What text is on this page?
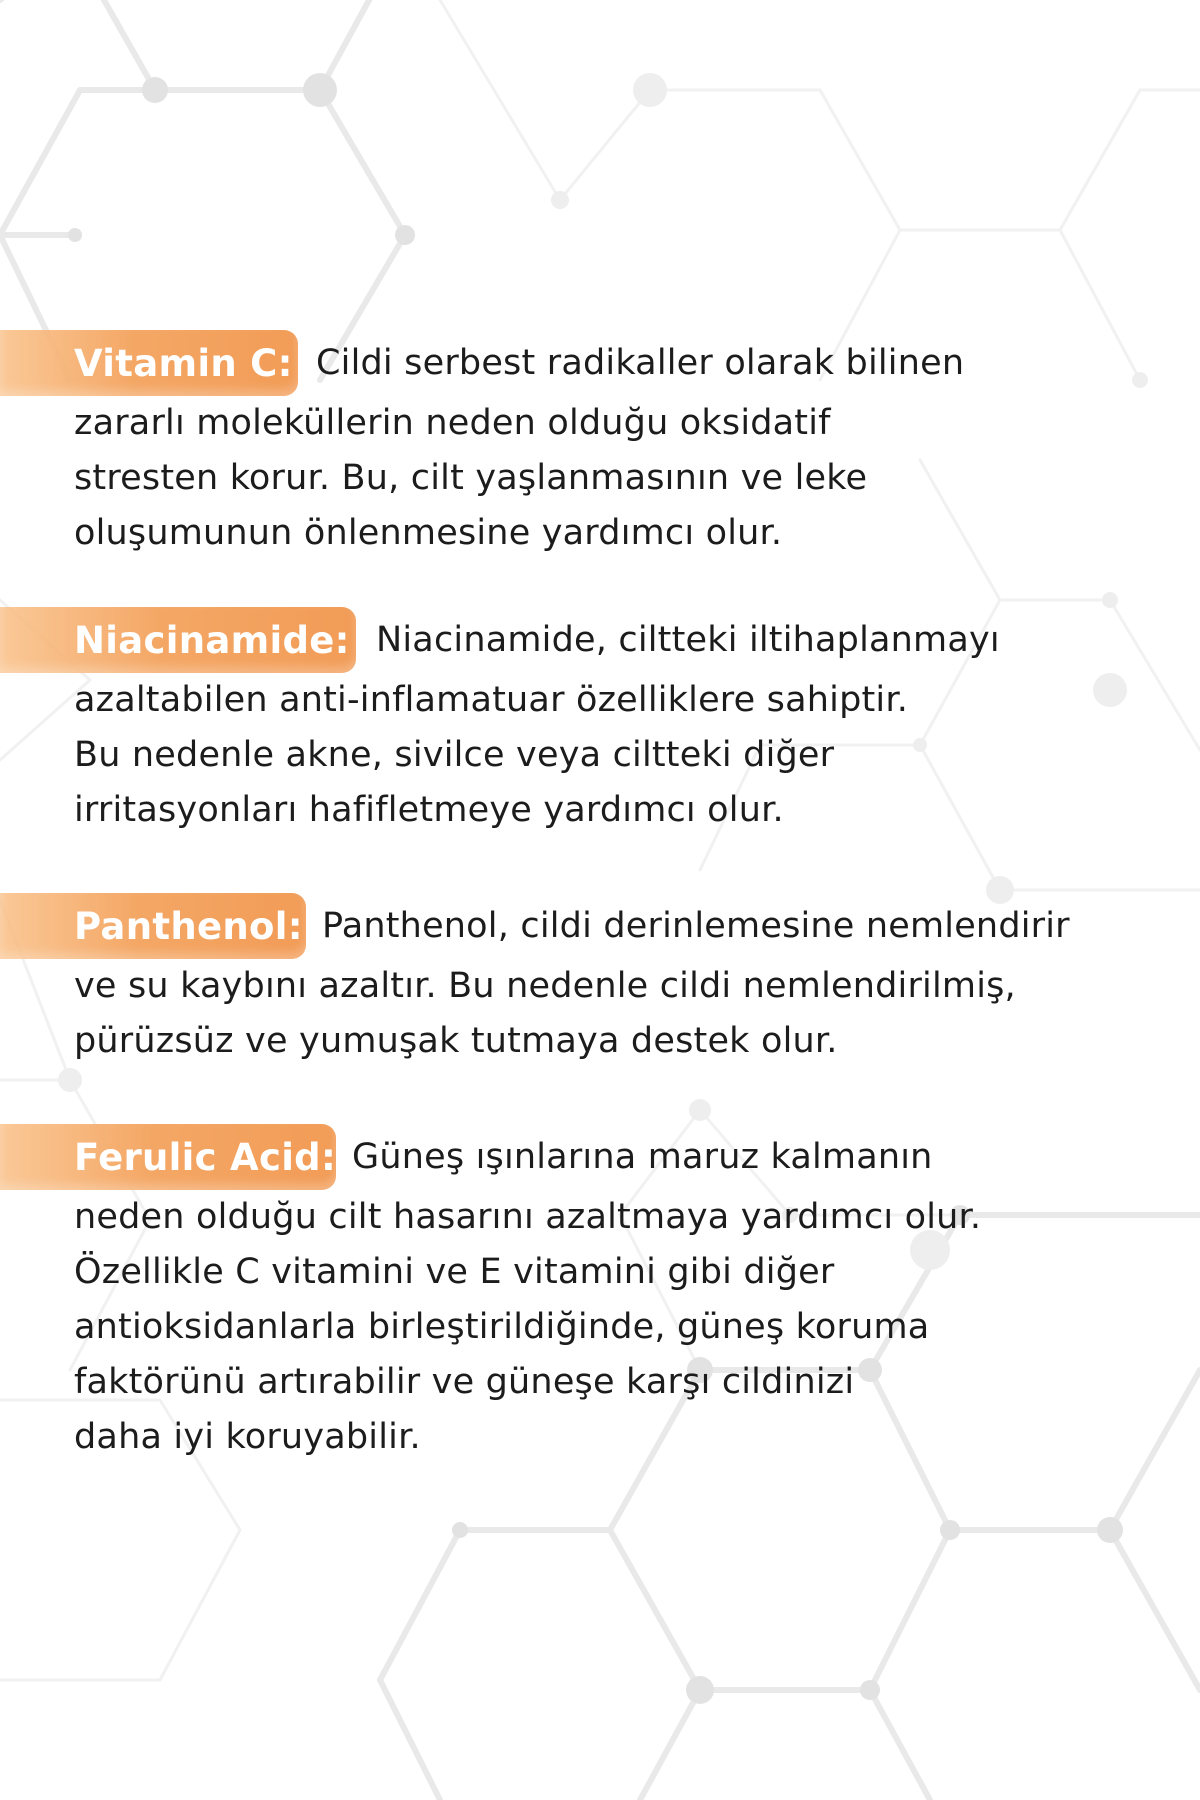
Vitamin C: Cildi serbest radikaller olarak bilinen
zararlı moleküllerin neden olduğu oksidatif
stresten korur. Bu, cilt yaşlanmasının ve leke
oluşumunun önlenmesine yardımcı olur.
Niacinamide: Niacinamide, ciltteki iltihaplanmayı
azaltabilen anti-inflamatuar özelliklere sahiptir.
Bu nedenle akne, sivilce veya ciltteki diğer
irritasyonları hafifletmeye yardımcı olur.
Panthenol: Panthenol, cildi derinlemesine nemlendirir
ve su kaybını azaltır. Bu nedenle cildi nemlendirilmiş,
pürüzsüz ve yumuşak tutmaya destek olur.
Ferulic Acid: Güneş ışınlarına maruz kalmanın
neden olduğu cilt hasarını azaltmaya yardımcı olur.
Özellikle C vitamini ve E vitamini gibi diğer
antioksidanlarla birleştirildiğinde, güneş koruma
faktörünü artırabilir ve güneşe karşı cildinizi
daha iyi koruyabilir.
